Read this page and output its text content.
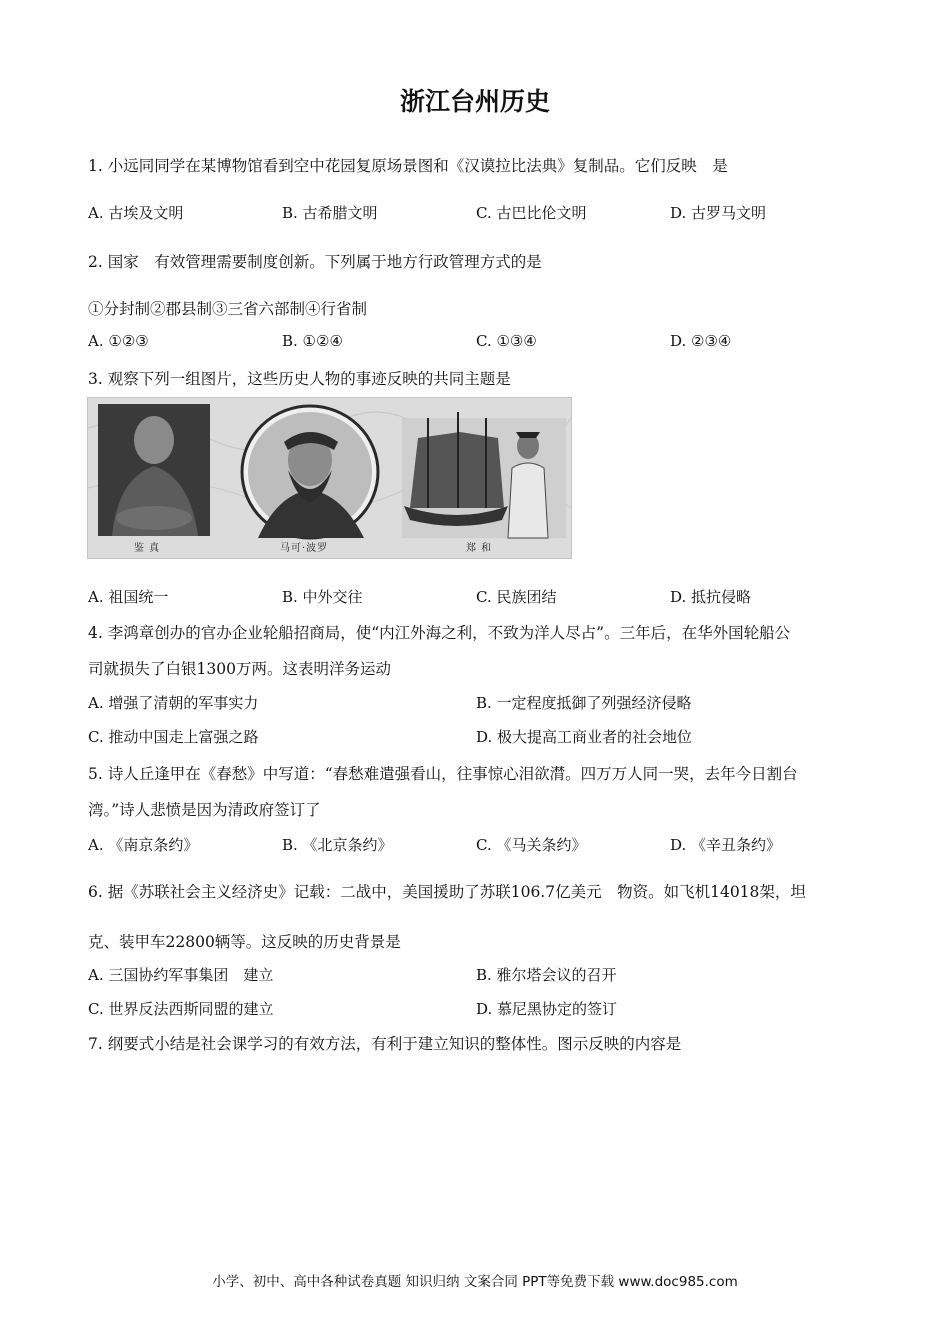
浙江台州历史
1. 小远同同学在某博物馆看到空中花园复原场景图和《汉谟拉比法典》复制品。它们反映　是
A. 古埃及文明	B. 古希腊文明	C. 古巴比伦文明	D. 古罗马文明
2. 国家　有效管理需要制度创新。下列属于地方行政管理方式的是
①分封制②郡县制③三省六部制④行省制
A. ①②③	B. ①②④	C. ①③④	D. ②③④
3. 观察下列一组图片，这些历史人物的事迹反映的共同主题是
鉴 真	马可·波罗	郑 和
A. 祖国统一	B. 中外交往	C. 民族团结	D. 抵抗侵略
4. 李鸿章创办的官办企业轮船招商局，使“内江外海之利，不致为洋人尽占”。三年后，在华外国轮船公
司就损失了白银1300万两。这表明洋务运动
A. 增强了清朝的军事实力	B. 一定程度抵御了列强经济侵略
C. 推动中国走上富强之路	D. 极大提高工商业者的社会地位
5. 诗人丘逢甲在《春愁》中写道：“春愁难遣强看山，往事惊心泪欲潸。四万万人同一哭，去年今日割台
湾。”诗人悲愤是因为清政府签订了
A. 《南京条约》	B. 《北京条约》	C. 《马关条约》	D. 《辛丑条约》
6. 据《苏联社会主义经济史》记载：二战中，美国援助了苏联106.7亿美元　物资。如飞机14018架，坦
克、装甲车22800辆等。这反映的历史背景是
A. 三国协约军事集团　建立	B. 雅尔塔会议的召开
C. 世界反法西斯同盟的建立	D. 慕尼黑协定的签订
7. 纲要式小结是社会课学习的有效方法，有利于建立知识的整体性。图示反映的内容是
小学、初中、高中各种试卷真题 知识归纳 文案合同 PPT等免费下载 www.doc985.com
